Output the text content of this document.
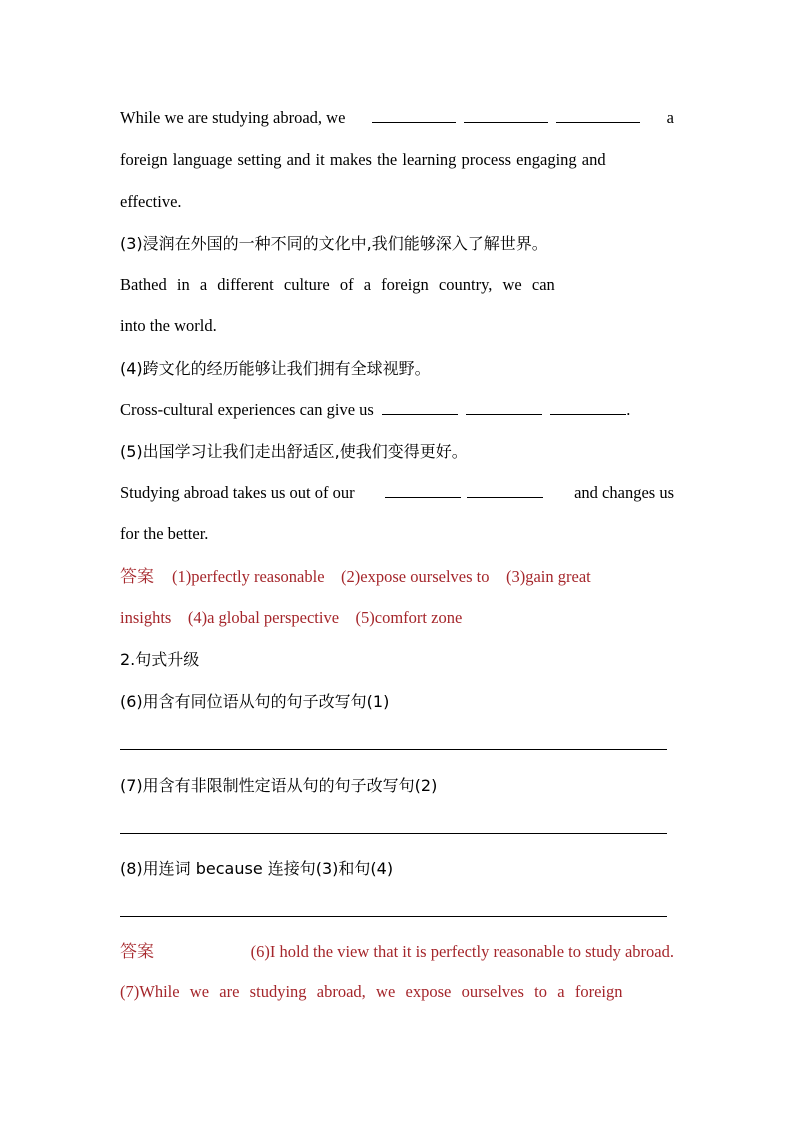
While we are studying abroad, we	a
foreign language setting and it makes the learning process engaging and
effective.
(3)浸润在外国的一种不同的文化中,我们能够深入了解世界。
Bathed in a different culture of a foreign country, we can
into the world.
(4)跨文化的经历能够让我们拥有全球视野。
Cross-cultural experiences can give us	.
(5)出国学习让我们走出舒适区,使我们变得更好。
Studying abroad takes us out of our	and changes us
for the better.
答案 (1)perfectly reasonable    (2)expose ourselves to    (3)gain great
insights    (4)a global perspective    (5)comfort zone
2.句式升级
(6)用含有同位语从句的句子改写句(1)
(7)用含有非限制性定语从句的句子改写句(2)
(8)用连词 because 连接句(3)和句(4)
答案	(6)I hold the view that it is perfectly reasonable to study abroad.
(7)While  we  are  studying  abroad,  we  expose  ourselves  to  a  foreign
